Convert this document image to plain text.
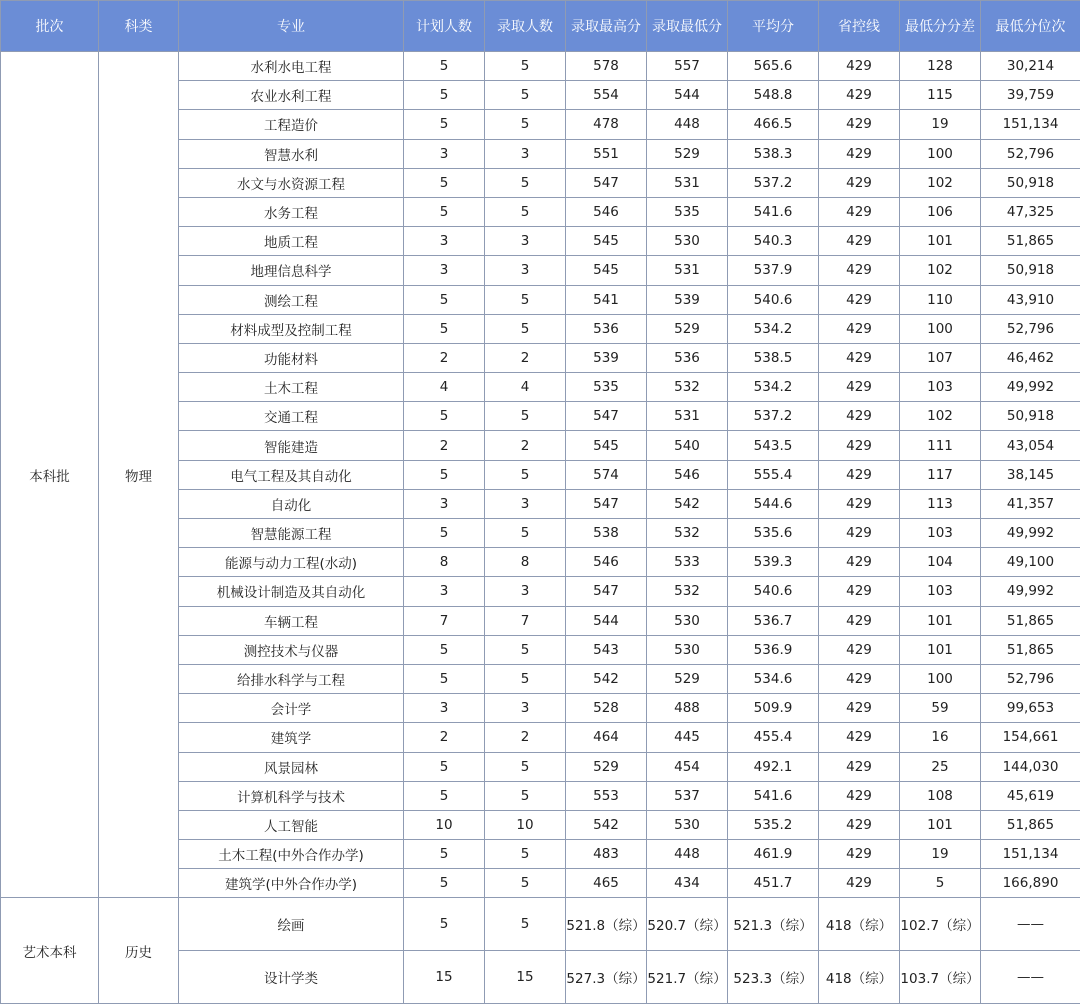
批次	科类	专业	计划人数	录取人数	录取最高分	录取最低分	平均分	省控线	最低分分差	最低分位次
本科批	物理	水利水电工程	5	5	578	557	565.6	429	128	30,214
		农业水利工程	5	5	554	544	548.8	429	115	39,759
		工程造价	5	5	478	448	466.5	429	19	151,134
		智慧水利	3	3	551	529	538.3	429	100	52,796
		水文与水资源工程	5	5	547	531	537.2	429	102	50,918
		水务工程	5	5	546	535	541.6	429	106	47,325
		地质工程	3	3	545	530	540.3	429	101	51,865
		地理信息科学	3	3	545	531	537.9	429	102	50,918
		测绘工程	5	5	541	539	540.6	429	110	43,910
		材料成型及控制工程	5	5	536	529	534.2	429	100	52,796
		功能材料	2	2	539	536	538.5	429	107	46,462
		土木工程	4	4	535	532	534.2	429	103	49,992
		交通工程	5	5	547	531	537.2	429	102	50,918
		智能建造	2	2	545	540	543.5	429	111	43,054
		电气工程及其自动化	5	5	574	546	555.4	429	117	38,145
		自动化	3	3	547	542	544.6	429	113	41,357
		智慧能源工程	5	5	538	532	535.6	429	103	49,992
		能源与动力工程(水动)	8	8	546	533	539.3	429	104	49,100
		机械设计制造及其自动化	3	3	547	532	540.6	429	103	49,992
		车辆工程	7	7	544	530	536.7	429	101	51,865
		测控技术与仪器	5	5	543	530	536.9	429	101	51,865
		给排水科学与工程	5	5	542	529	534.6	429	100	52,796
		会计学	3	3	528	488	509.9	429	59	99,653
		建筑学	2	2	464	445	455.4	429	16	154,661
		风景园林	5	5	529	454	492.1	429	25	144,030
		计算机科学与技术	5	5	553	537	541.6	429	108	45,619
		人工智能	10	10	542	530	535.2	429	101	51,865
		土木工程(中外合作办学)	5	5	483	448	461.9	429	19	151,134
		建筑学(中外合作办学)	5	5	465	434	451.7	429	5	166,890
艺术本科	历史	绘画	5	5	521.8（综）	520.7（综）	521.3（综）	418（综）	102.7（综）	——
		设计学类	15	15	527.3（综）	521.7（综）	523.3（综）	418（综）	103.7（综）	——
